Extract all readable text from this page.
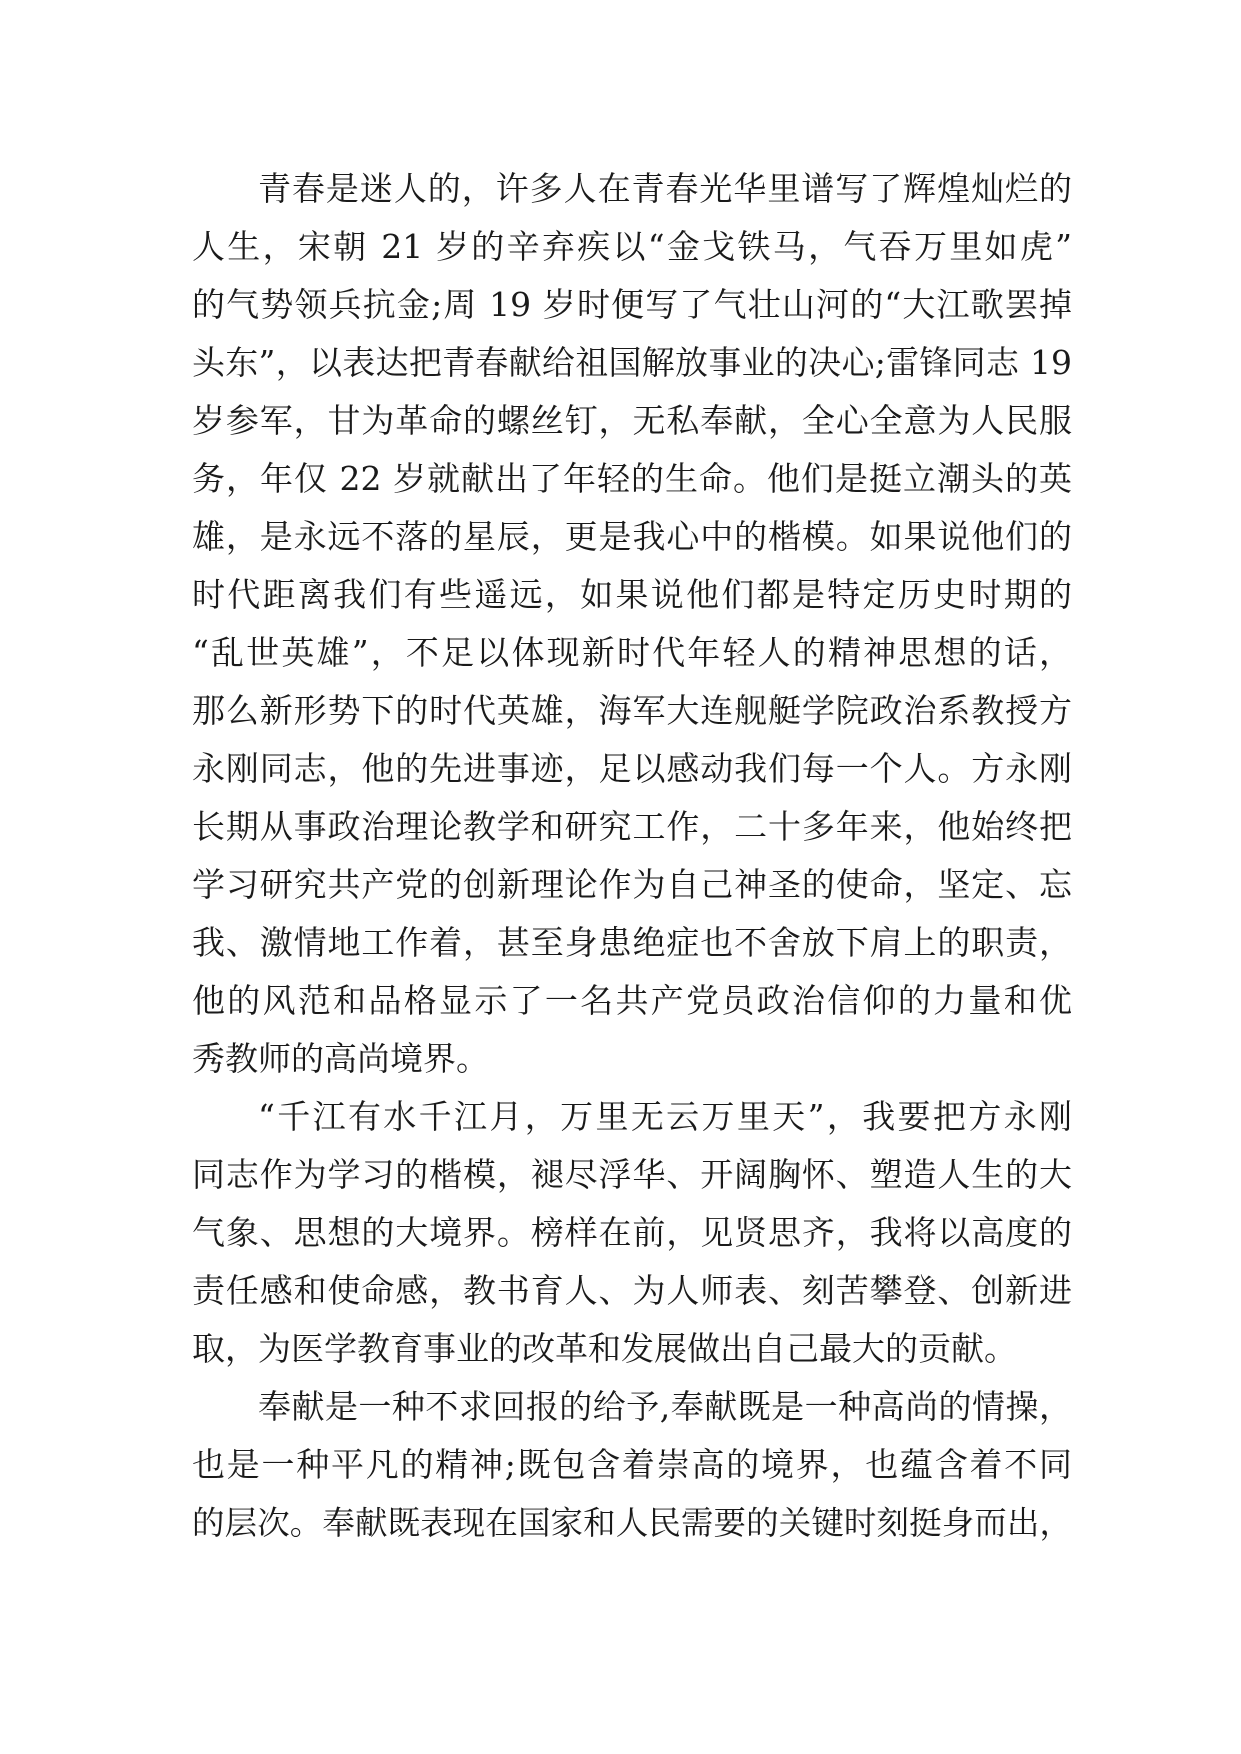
青春是迷人的，许多人在青春光华里谱写了辉煌灿烂的
人生，宋朝 21 岁的辛弃疾以“金戈铁马，气吞万里如虎”
的气势领兵抗金;周 19 岁时便写了气壮山河的“大江歌罢掉
头东”，以表达把青春献给祖国解放事业的决心;雷锋同志 19
岁参军，甘为革命的螺丝钉，无私奉献，全心全意为人民服
务，年仅 22 岁就献出了年轻的生命。他们是挺立潮头的英
雄，是永远不落的星辰，更是我心中的楷模。如果说他们的
时代距离我们有些遥远，如果说他们都是特定历史时期的
“乱世英雄”，不足以体现新时代年轻人的精神思想的话，
那么新形势下的时代英雄，海军大连舰艇学院政治系教授方
永刚同志，他的先进事迹，足以感动我们每一个人。方永刚
长期从事政治理论教学和研究工作，二十多年来，他始终把
学习研究共产党的创新理论作为自己神圣的使命，坚定、忘
我、激情地工作着，甚至身患绝症也不舍放下肩上的职责，
他的风范和品格显示了一名共产党员政治信仰的力量和优
秀教师的高尚境界。
“千江有水千江月，万里无云万里天”，我要把方永刚
同志作为学习的楷模，褪尽浮华、开阔胸怀、塑造人生的大
气象、思想的大境界。榜样在前，见贤思齐，我将以高度的
责任感和使命感，教书育人、为人师表、刻苦攀登、创新进
取，为医学教育事业的改革和发展做出自己最大的贡献。
奉献是一种不求回报的给予,奉献既是一种高尚的情操，
也是一种平凡的精神;既包含着崇高的境界，也蕴含着不同
的层次。奉献既表现在国家和人民需要的关键时刻挺身而出，
